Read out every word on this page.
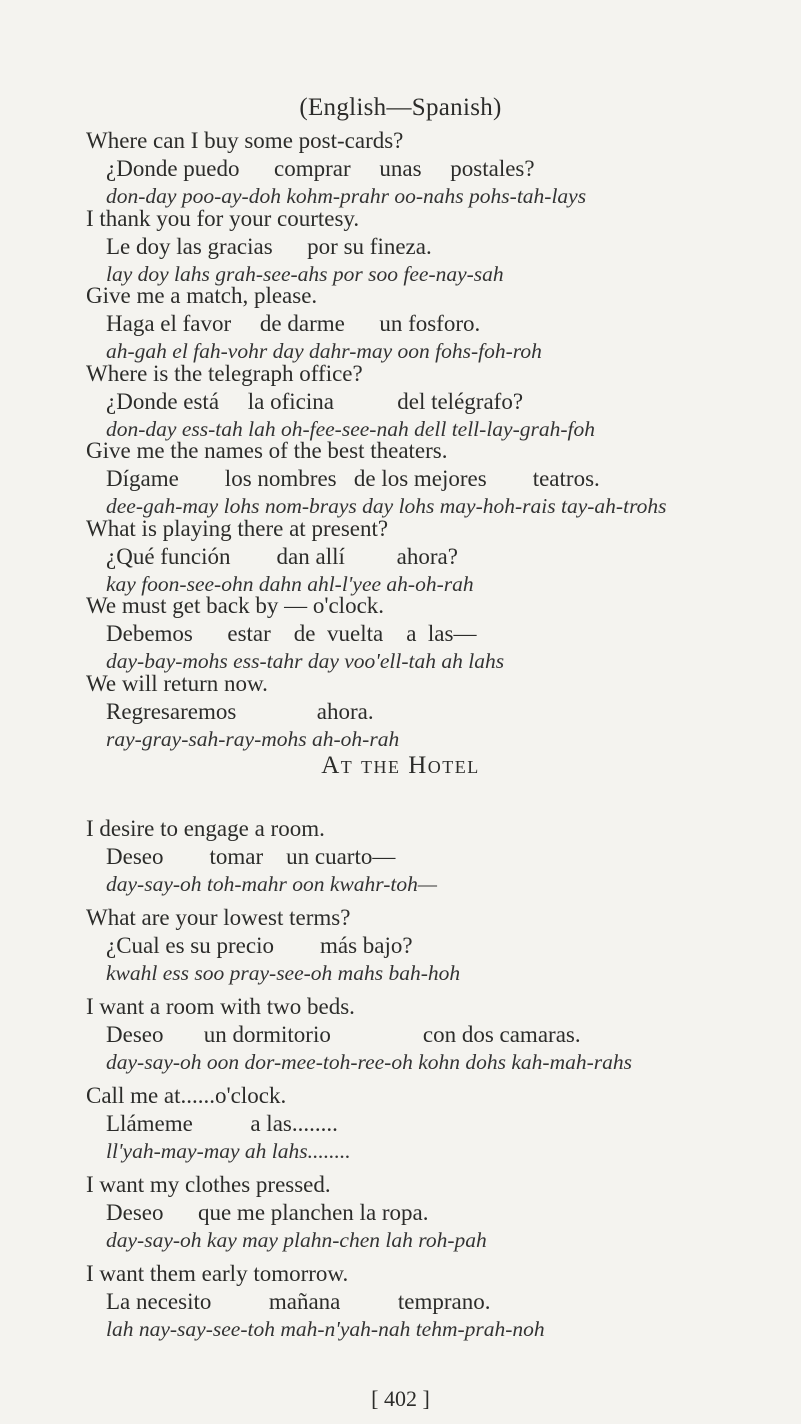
(English—Spanish)
Where can I buy some post-cards?
¿Donde puedo      comprar     unas     postales?
don-day poo-ay-doh kohm-prahr oo-nahs pohs-tah-lays
I thank you for your courtesy.
Le doy las gracias      por su fineza.
lay doy lahs grah-see-ahs por soo fee-nay-sah
Give me a match, please.
Haga el favor     de darme      un fosforo.
ah-gah el fah-vohr day dahr-may oon fohs-foh-roh
Where is the telegraph office?
¿Donde está     la oficina           del telégrafo?
don-day ess-tah lah oh-fee-see-nah dell tell-lay-grah-foh
Give me the names of the best theaters.
Dígame        los nombres   de los mejores        teatros.
dee-gah-may lohs nom-brays day lohs may-hoh-rais tay-ah-trohs
What is playing there at present?
¿Qué función        dan allí         ahora?
kay foon-see-ohn dahn ahl-l'yee ah-oh-rah
We must get back by — o'clock.
Debemos      estar    de  vuelta    a  las—
day-bay-mohs ess-tahr day voo'ell-tah ah lahs
We will return now.
Regresaremos              ahora.
ray-gray-sah-ray-mohs ah-oh-rah
At the Hotel
I desire to engage a room.
Deseo        tomar    un cuarto—
day-say-oh toh-mahr oon kwahr-toh—
What are your lowest terms?
¿Cual es su precio        más bajo?
kwahl ess soo pray-see-oh mahs bah-hoh
I want a room with two beds.
Deseo       un dormitorio                con dos camaras.
day-say-oh oon dor-mee-toh-ree-oh kohn dohs kah-mah-rahs
Call me at......o'clock.
Llámeme          a las........
ll'yah-may-may ah lahs........
I want my clothes pressed.
Deseo      que me planchen la ropa.
day-say-oh kay may plahn-chen lah roh-pah
I want them early tomorrow.
La necesito          mañana          temprano.
lah nay-say-see-toh mah-n'yah-nah tehm-prah-noh
[ 402 ]
